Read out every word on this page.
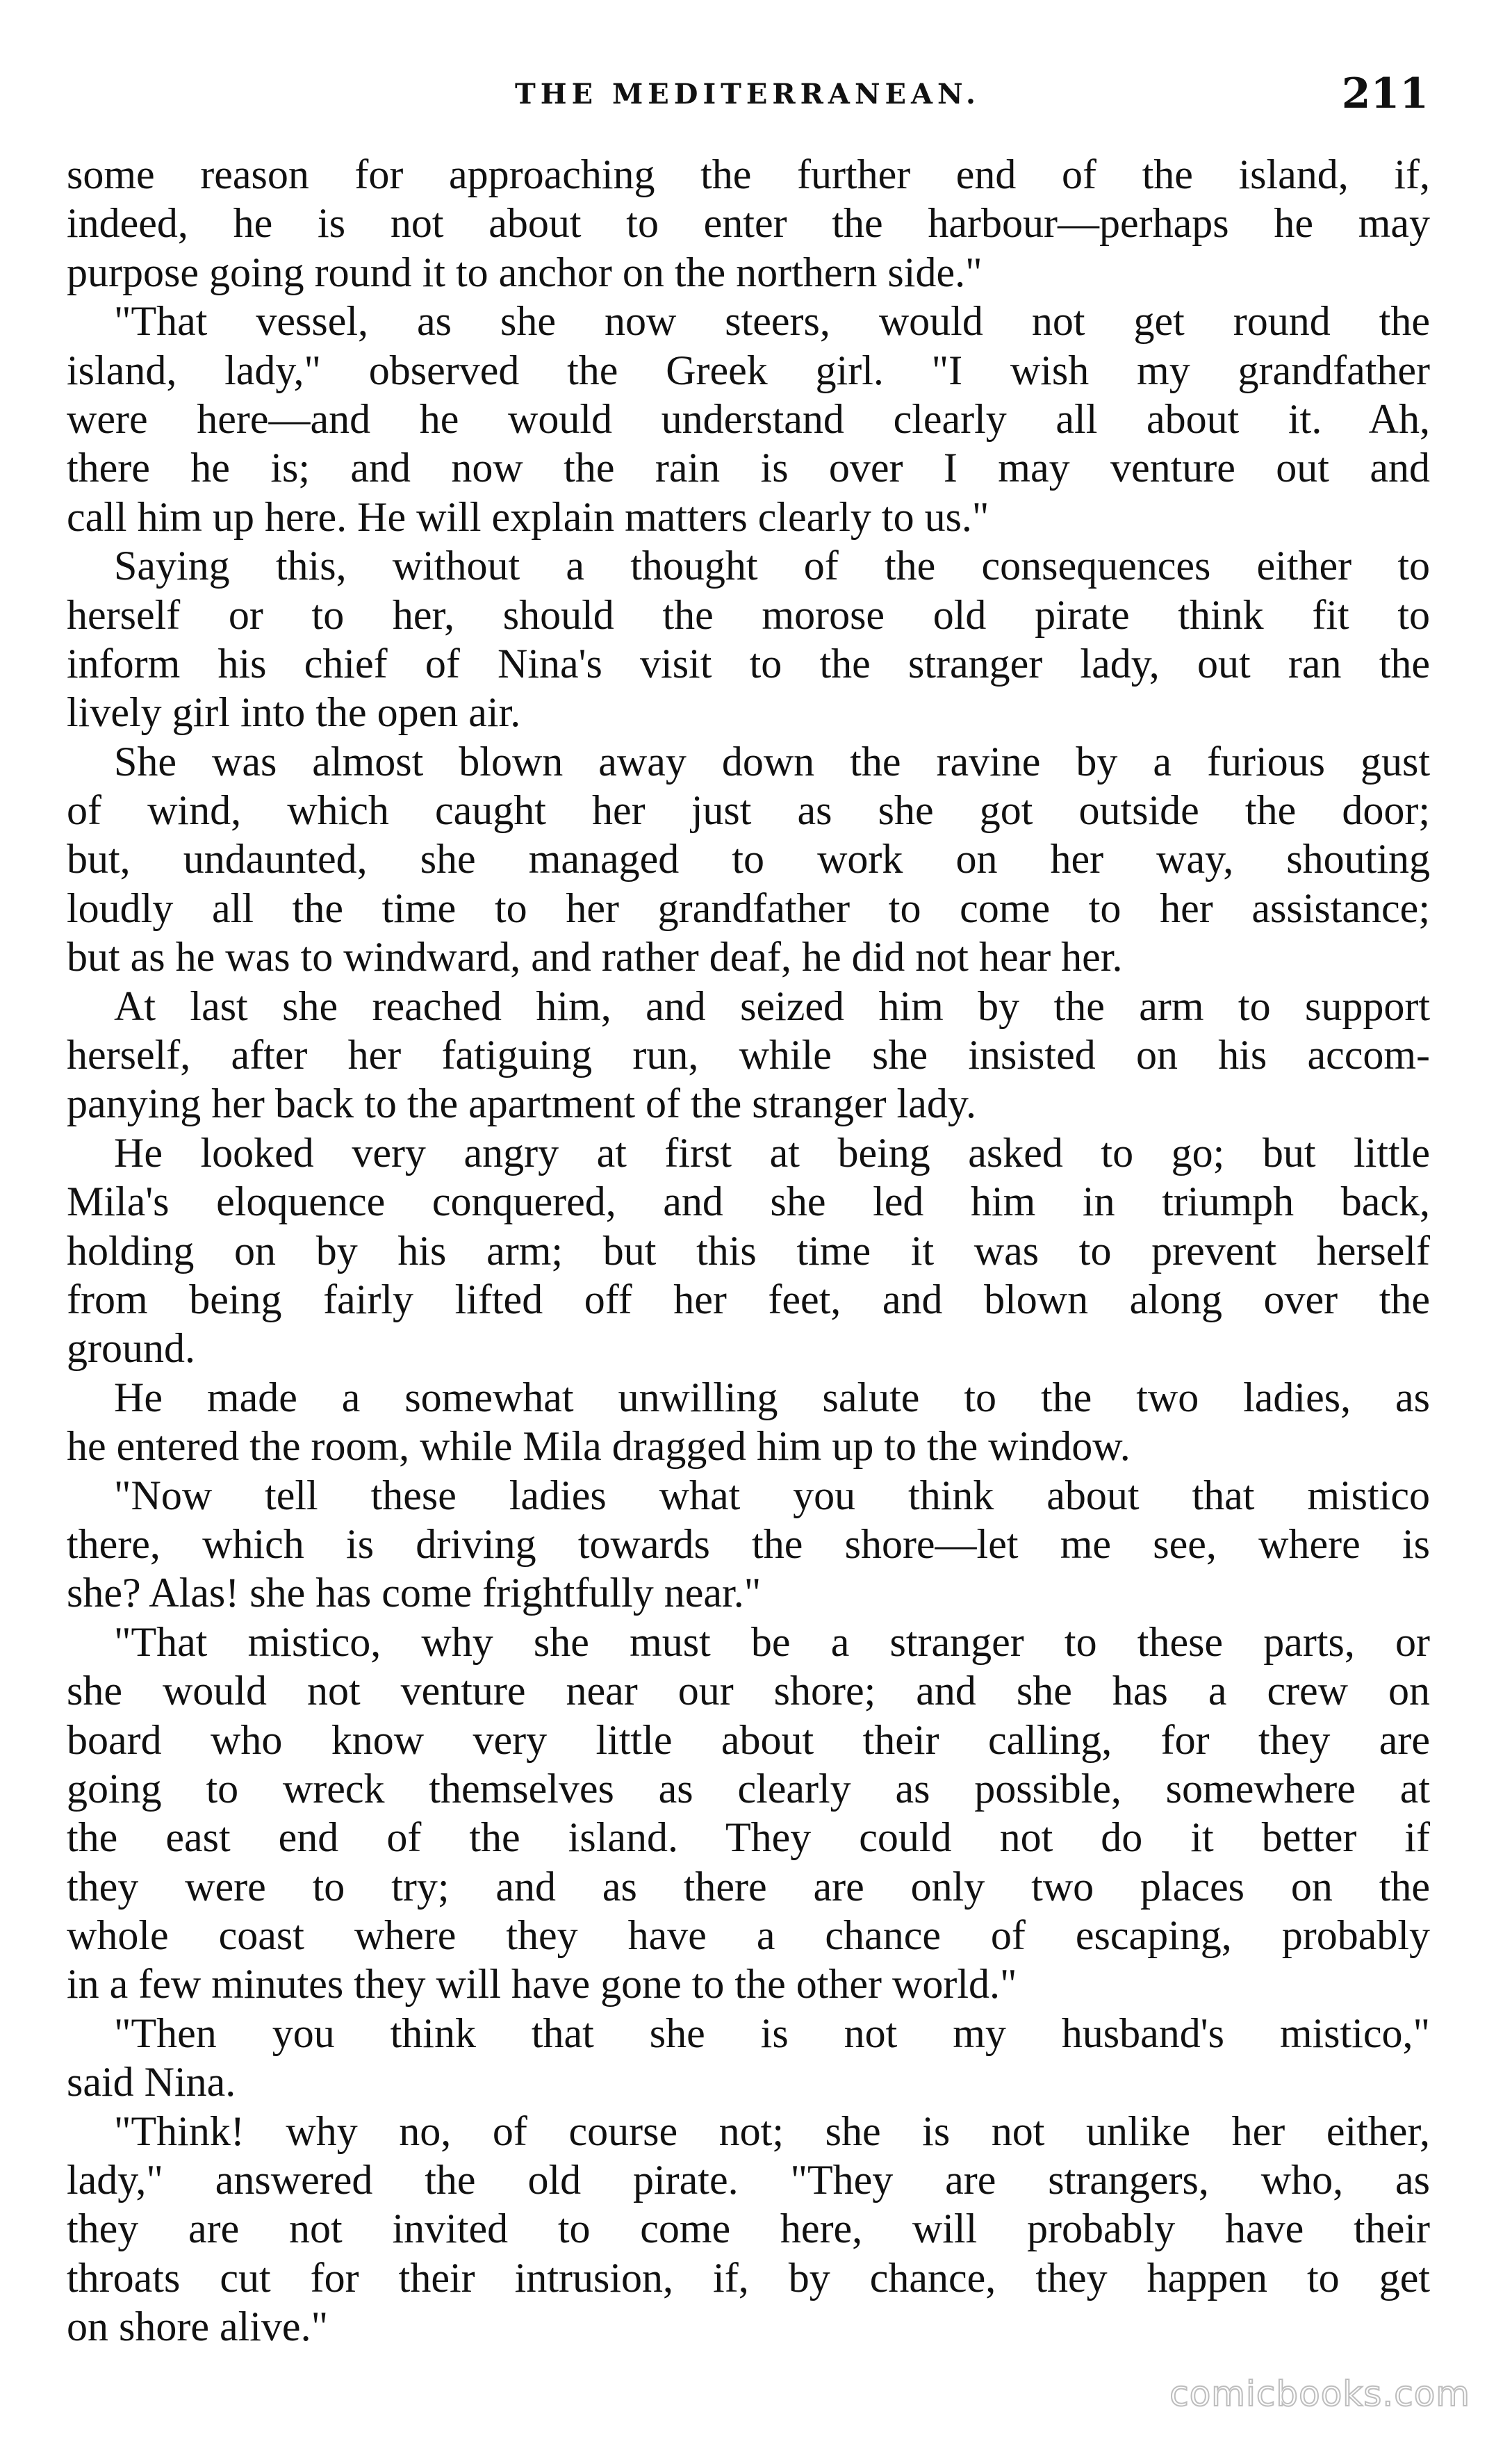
THE MEDITERRANEAN.	211
some reason for approaching the further end of the island, if,
indeed, he is not about to enter the harbour—perhaps he may
purpose going round it to anchor on the northern side."
"That vessel, as she now steers, would not get round the
island, lady," observed the Greek girl. "I wish my grandfather
were here—and he would understand clearly all about it. Ah,
there he is; and now the rain is over I may venture out and
call him up here. He will explain matters clearly to us."
Saying this, without a thought of the consequences either to
herself or to her, should the morose old pirate think fit to
inform his chief of Nina's visit to the stranger lady, out ran the
lively girl into the open air.
She was almost blown away down the ravine by a furious gust
of wind, which caught her just as she got outside the door;
but, undaunted, she managed to work on her way, shouting
loudly all the time to her grandfather to come to her assistance;
but as he was to windward, and rather deaf, he did not hear her.
At last she reached him, and seized him by the arm to support
herself, after her fatiguing run, while she insisted on his accom-
panying her back to the apartment of the stranger lady.
He looked very angry at first at being asked to go; but little
Mila's eloquence conquered, and she led him in triumph back,
holding on by his arm; but this time it was to prevent herself
from being fairly lifted off her feet, and blown along over the
ground.
He made a somewhat unwilling salute to the two ladies, as
he entered the room, while Mila dragged him up to the window.
"Now tell these ladies what you think about that mistico
there, which is driving towards the shore—let me see, where is
she? Alas! she has come frightfully near."
"That mistico, why she must be a stranger to these parts, or
she would not venture near our shore; and she has a crew on
board who know very little about their calling, for they are
going to wreck themselves as clearly as possible, somewhere at
the east end of the island. They could not do it better if
they were to try; and as there are only two places on the
whole coast where they have a chance of escaping, probably
in a few minutes they will have gone to the other world."
"Then you think that she is not my husband's mistico,"
said Nina.
"Think! why no, of course not; she is not unlike her either,
lady," answered the old pirate. "They are strangers, who, as
they are not invited to come here, will probably have their
throats cut for their intrusion, if, by chance, they happen to get
on shore alive."
comicbooks.com
